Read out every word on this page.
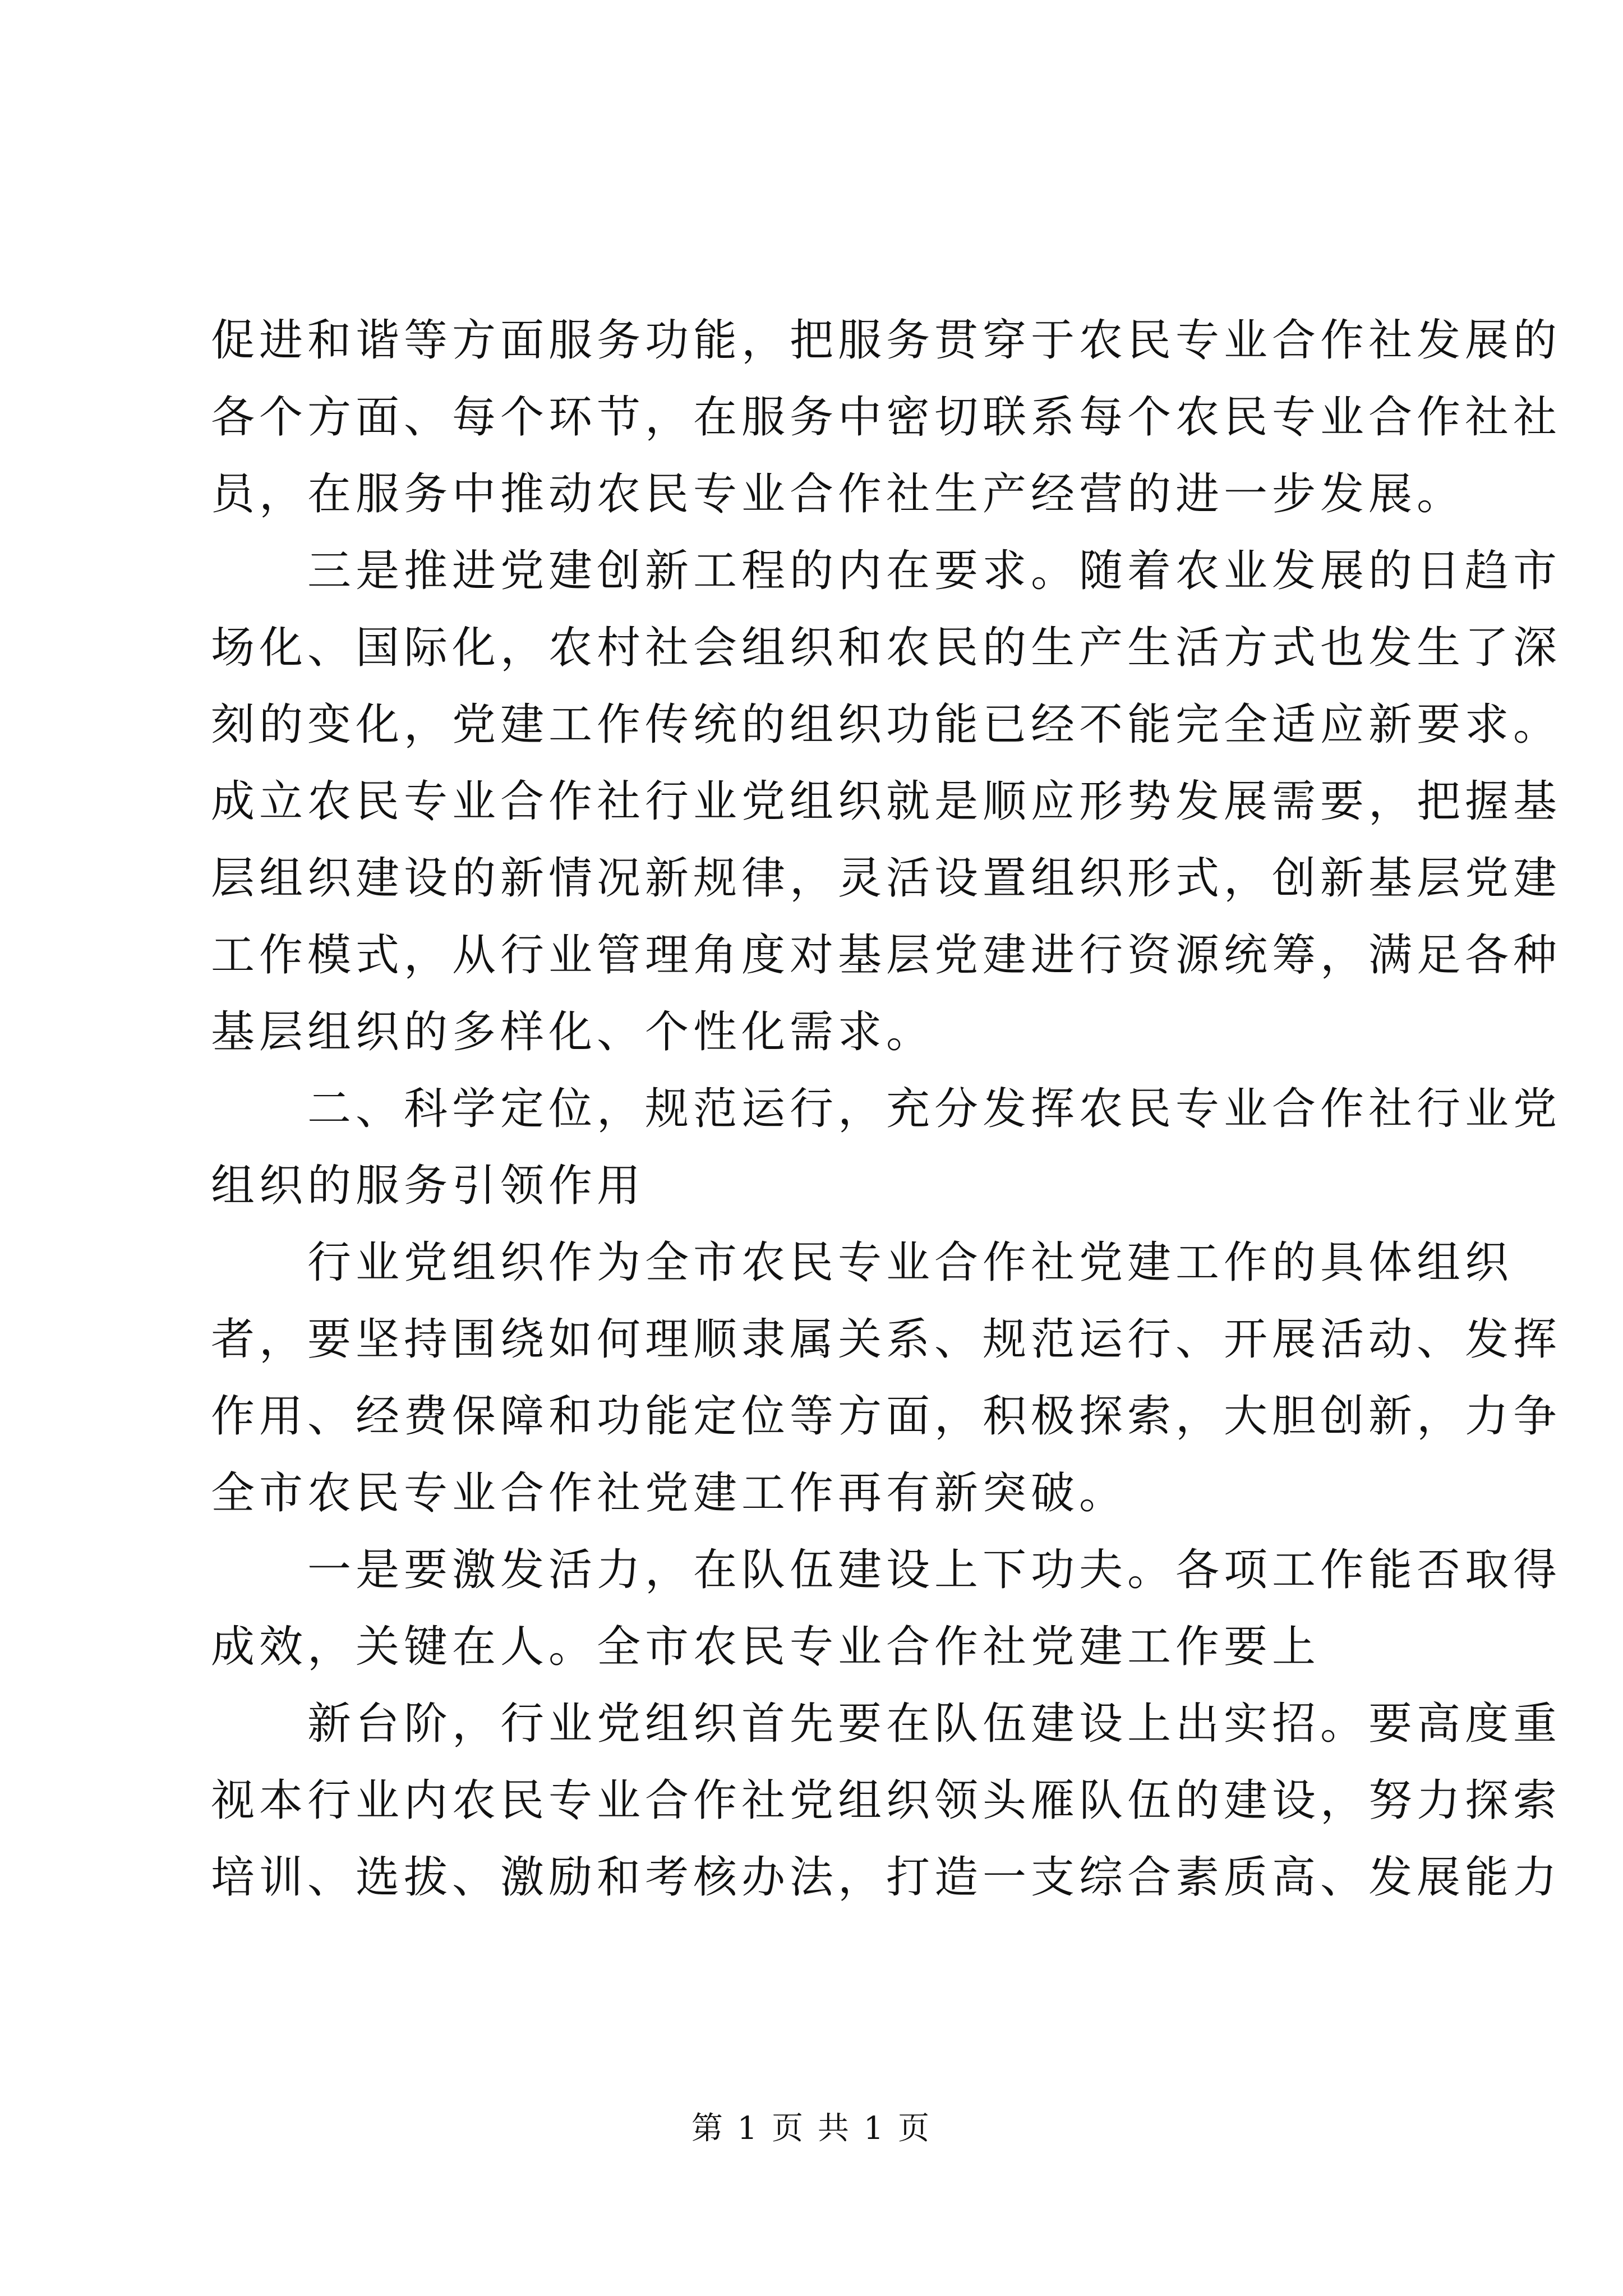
促进和谐等方面服务功能，把服务贯穿于农民专业合作社发展的
各个方面、每个环节，在服务中密切联系每个农民专业合作社社
员，在服务中推动农民专业合作社生产经营的进一步发展。
三是推进党建创新工程的内在要求。随着农业发展的日趋市
场化、国际化，农村社会组织和农民的生产生活方式也发生了深
刻的变化，党建工作传统的组织功能已经不能完全适应新要求。
成立农民专业合作社行业党组织就是顺应形势发展需要，把握基
层组织建设的新情况新规律，灵活设置组织形式，创新基层党建
工作模式，从行业管理角度对基层党建进行资源统筹，满足各种
基层组织的多样化、个性化需求。
二、科学定位，规范运行，充分发挥农民专业合作社行业党
组织的服务引领作用
行业党组织作为全市农民专业合作社党建工作的具体组织
者，要坚持围绕如何理顺隶属关系、规范运行、开展活动、发挥
作用、经费保障和功能定位等方面，积极探索，大胆创新，力争
全市农民专业合作社党建工作再有新突破。
一是要激发活力，在队伍建设上下功夫。各项工作能否取得
成效，关键在人。全市农民专业合作社党建工作要上
新台阶，行业党组织首先要在队伍建设上出实招。要高度重
视本行业内农民专业合作社党组织领头雁队伍的建设，努力探索
培训、选拔、激励和考核办法，打造一支综合素质高、发展能力
第 1 页 共 1 页
